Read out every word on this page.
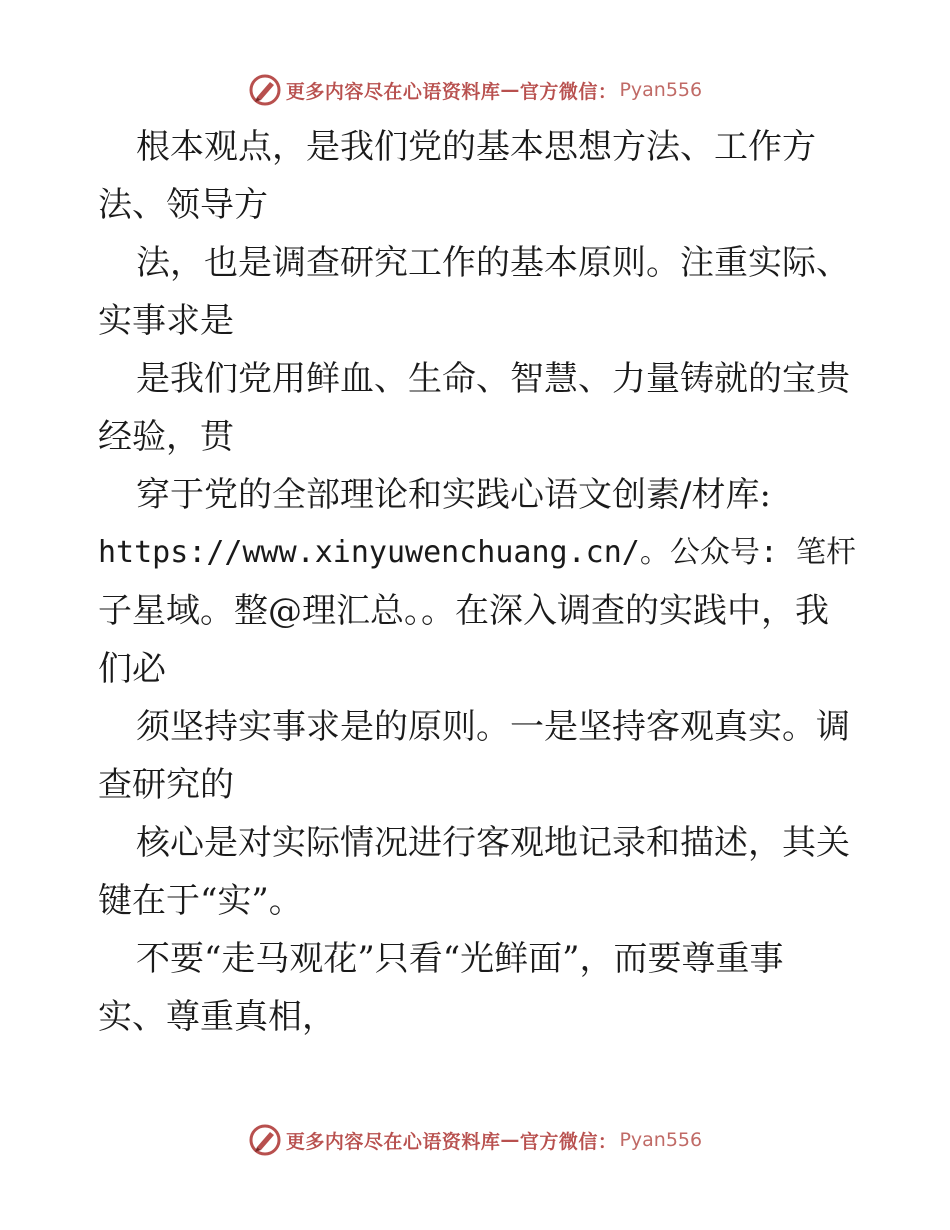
更多内容尽在心语资料库 — 官方微信： Pyan556
根本观点，是我们党的基本思想方法、工作方
法、领导方
法，也是调查研究工作的基本原则。注重实际、
实事求是
是我们党用鲜血、生命、智慧、力量铸就的宝贵
经验，贯
穿于党的全部理论和实践心语文创素/材库:
https://www.xinyuwenchuang.cn/。公众号: 笔杆
子星域。整@理汇总。。在深入调查的实践中，我
们必
须坚持实事求是的原则。一是坚持客观真实。调
查研究的
核心是对实际情况进行客观地记录和描述，其关
键在于“实”。
不要“走马观花”只看“光鲜面”，而要尊重事
实、尊重真相，
更多内容尽在心语资料库 — 官方微信： Pyan556
